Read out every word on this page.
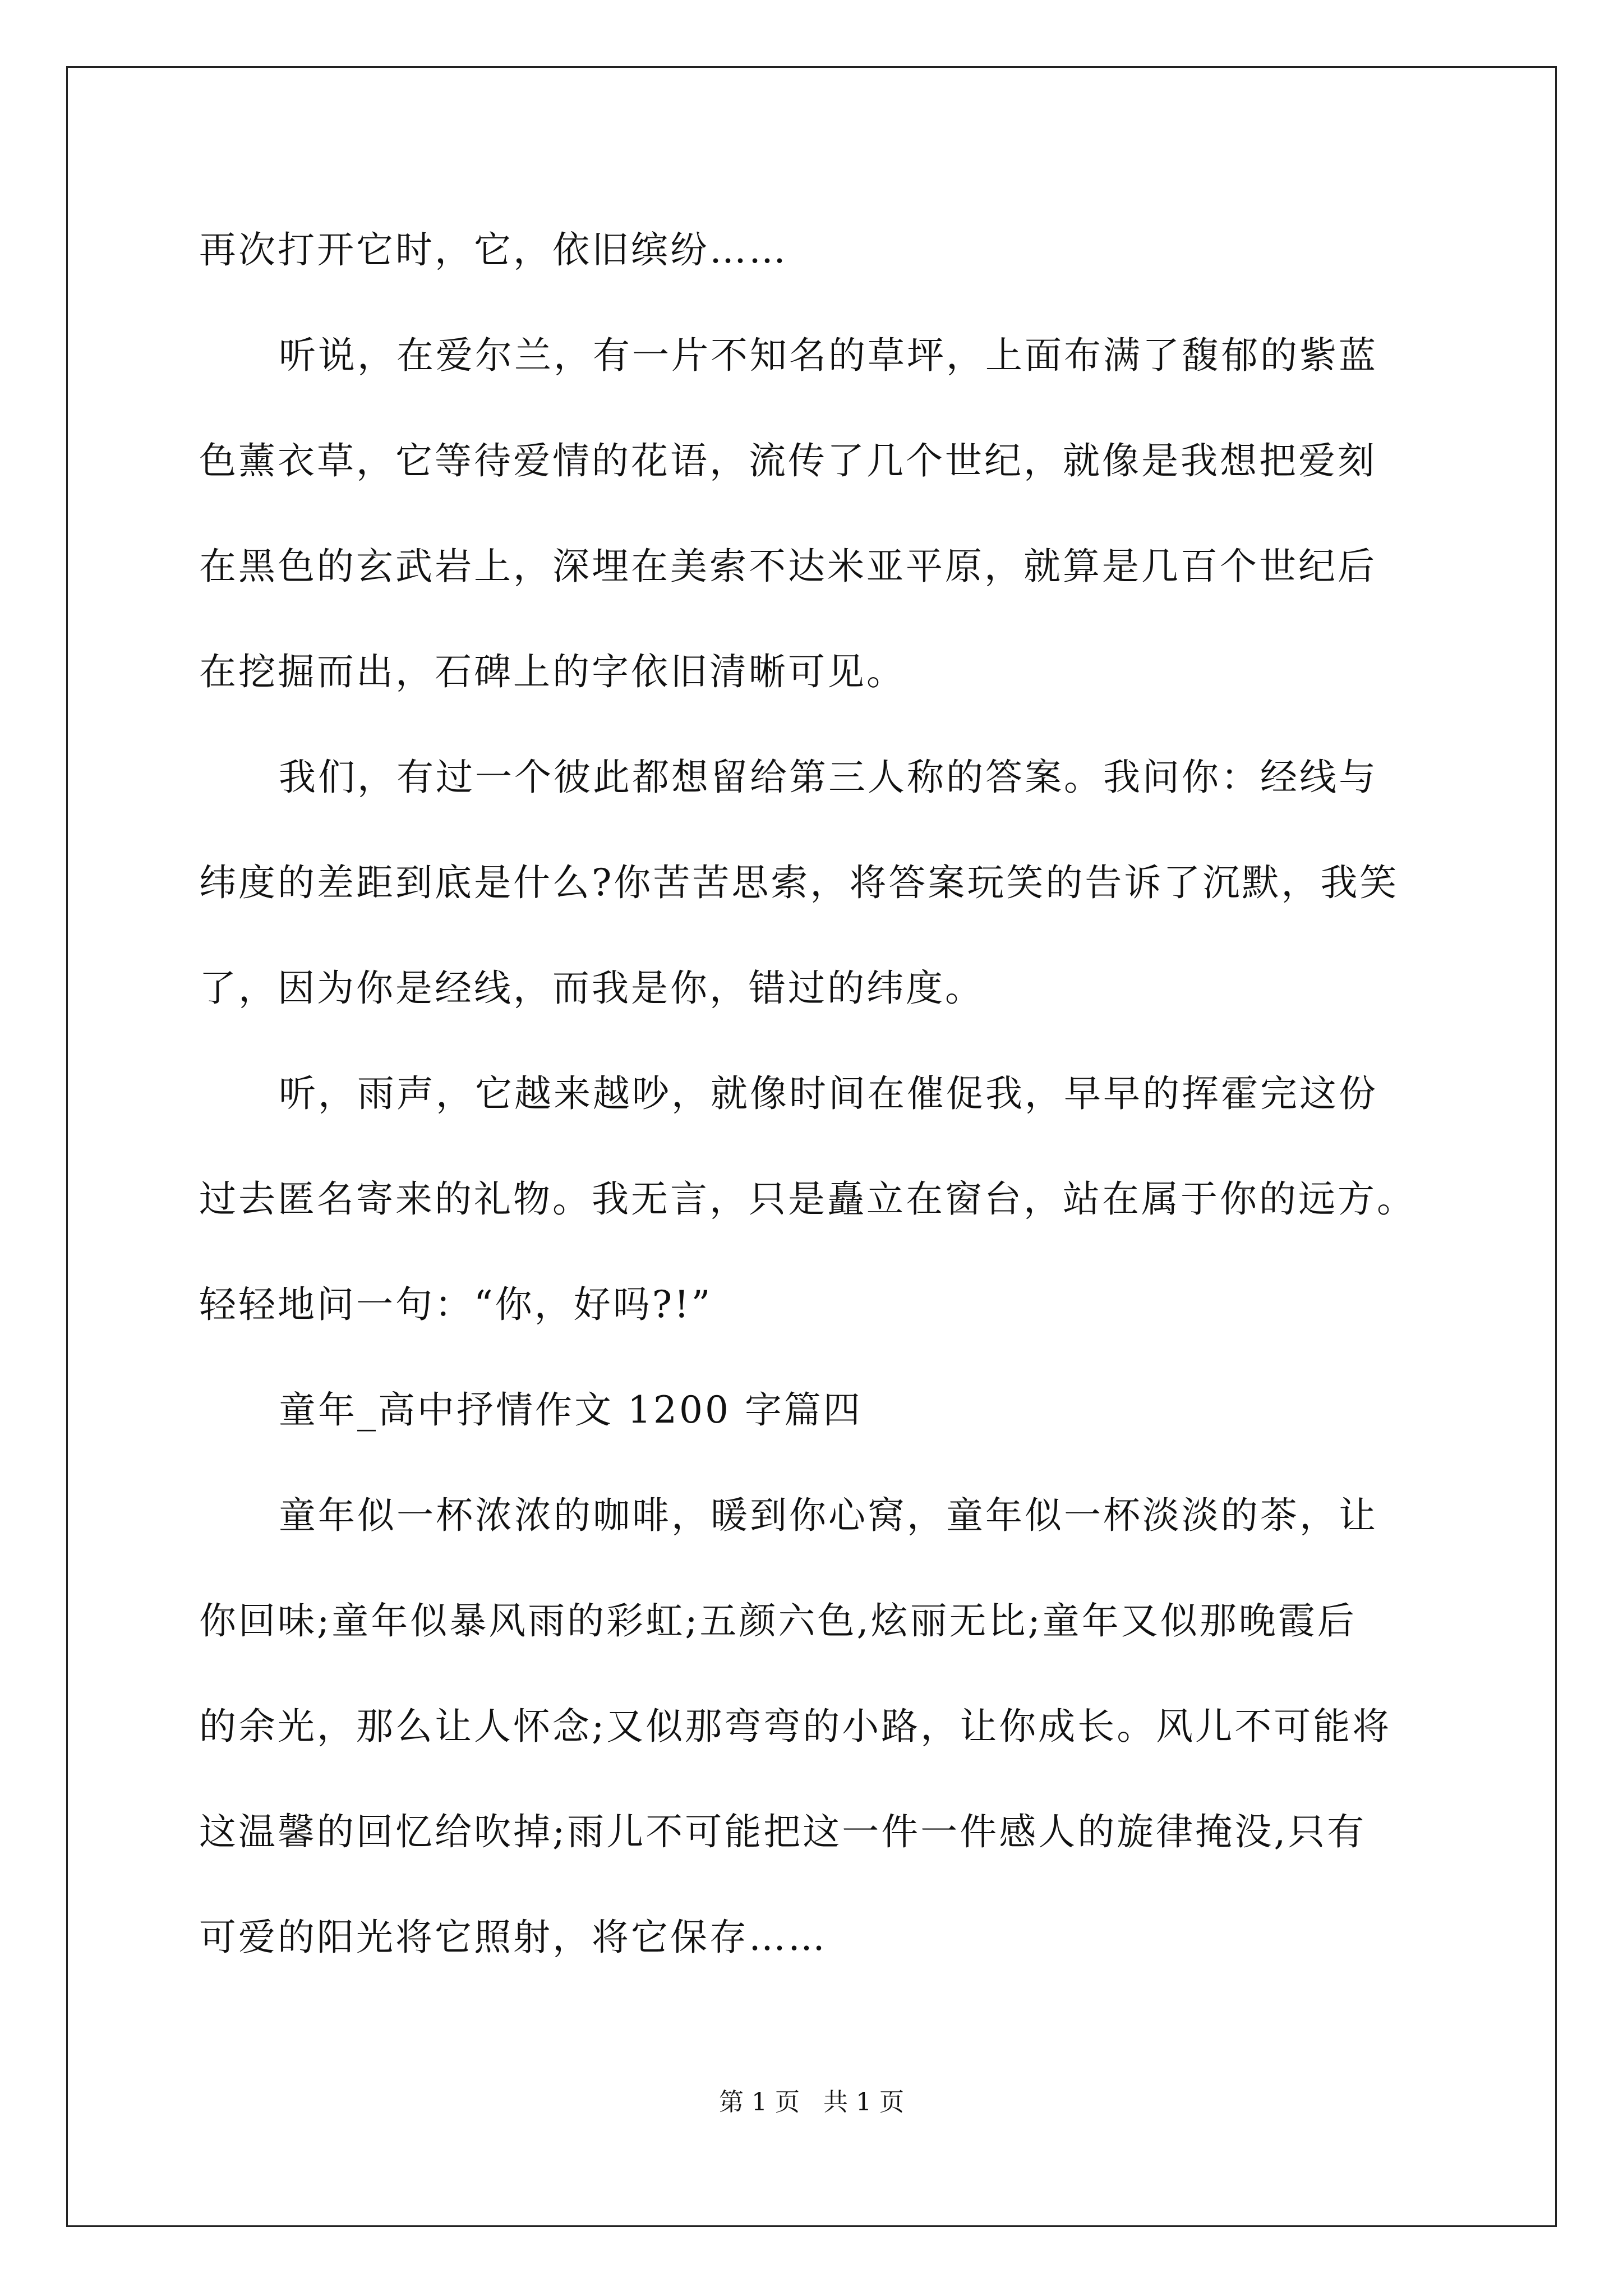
再次打开它时，它，依旧缤纷……
听说，在爱尔兰，有一片不知名的草坪，上面布满了馥郁的紫蓝
色薰衣草，它等待爱情的花语，流传了几个世纪，就像是我想把爱刻
在黑色的玄武岩上，深埋在美索不达米亚平原，就算是几百个世纪后
在挖掘而出，石碑上的字依旧清晰可见。
我们，有过一个彼此都想留给第三人称的答案。我问你：经线与
纬度的差距到底是什么?你苦苦思索，将答案玩笑的告诉了沉默，我笑
了，因为你是经线，而我是你，错过的纬度。
听，雨声，它越来越吵，就像时间在催促我，早早的挥霍完这份
过去匿名寄来的礼物。我无言，只是矗立在窗台，站在属于你的远方。
轻轻地问一句：“你，好吗?!”
童年_高中抒情作文 1200 字篇四
童年似一杯浓浓的咖啡，暖到你心窝，童年似一杯淡淡的茶，让
你回味;童年似暴风雨的彩虹;五颜六色,炫丽无比;童年又似那晚霞后
的余光，那么让人怀念;又似那弯弯的小路，让你成长。风儿不可能将
这温馨的回忆给吹掉;雨儿不可能把这一件一件感人的旋律掩没,只有
可爱的阳光将它照射，将它保存……
第 1 页   共 1 页
